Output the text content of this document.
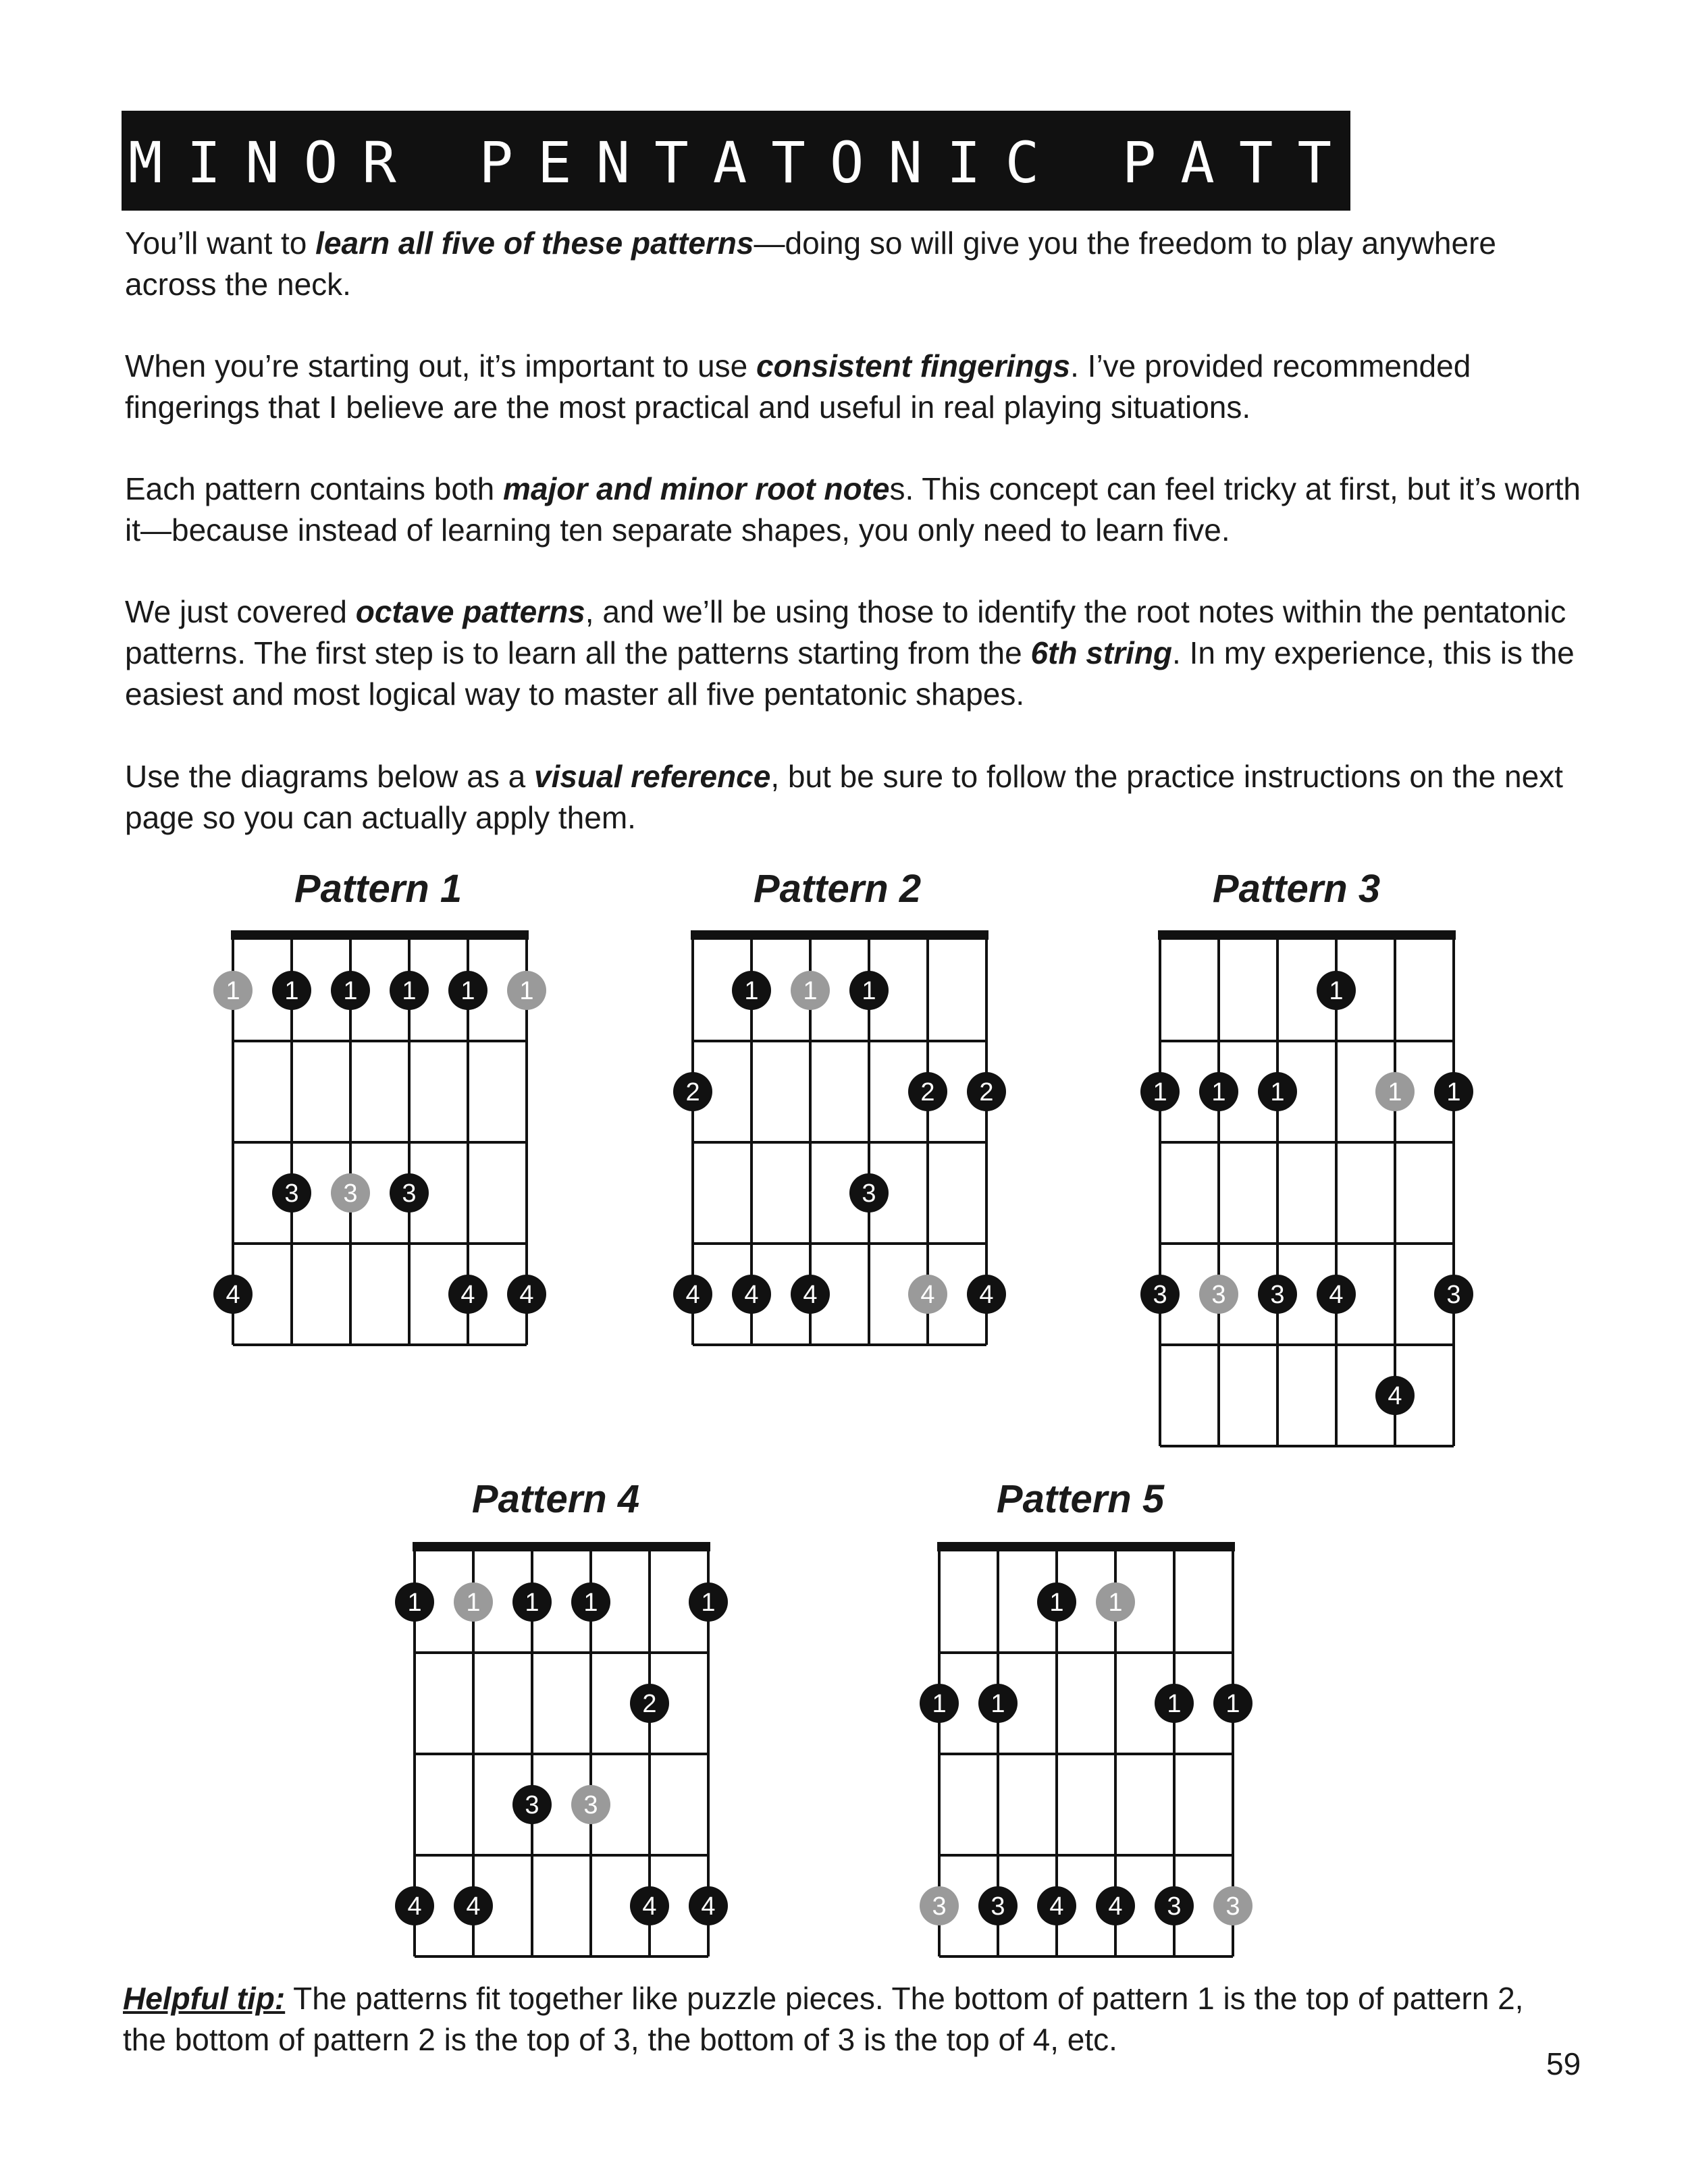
MINOR PENTATONIC PATTERNS

You’ll want to learn all five of these patterns—doing so will give you the freedom to play anywhere across the neck.

When you’re starting out, it’s important to use consistent fingerings. I’ve provided recommended fingerings that I believe are the most practical and useful in real playing situations.

Each pattern contains both major and minor root notes. This concept can feel tricky at first, but it’s worth it—because instead of learning ten separate shapes, you only need to learn five.

We just covered octave patterns, and we’ll be using those to identify the root notes within the pentatonic patterns. The first step is to learn all the patterns starting from the 6th string. In my experience, this is the easiest and most logical way to master all five pentatonic shapes.

Use the diagrams below as a visual reference, but be sure to follow the practice instructions on the next page so you can actually apply them.

Pattern 1	Pattern 2	Pattern 3
Pattern 4	Pattern 5
1 1 1 1 1 1
3 3 3
4	4 4
1 1 1
2	2 2
3
4 4 4	4 4
1
1 1 1	1 1
3 3 3 4	3
4
1 1 1 1	1
2
3 3
4 4	4 4
1 1
1 1	1 1
3 3 4 4 3 3

Helpful tip: The patterns fit together like puzzle pieces. The bottom of pattern 1 is the top of pattern 2, the bottom of pattern 2 is the top of 3, the bottom of 3 is the top of 4, etc.

59
